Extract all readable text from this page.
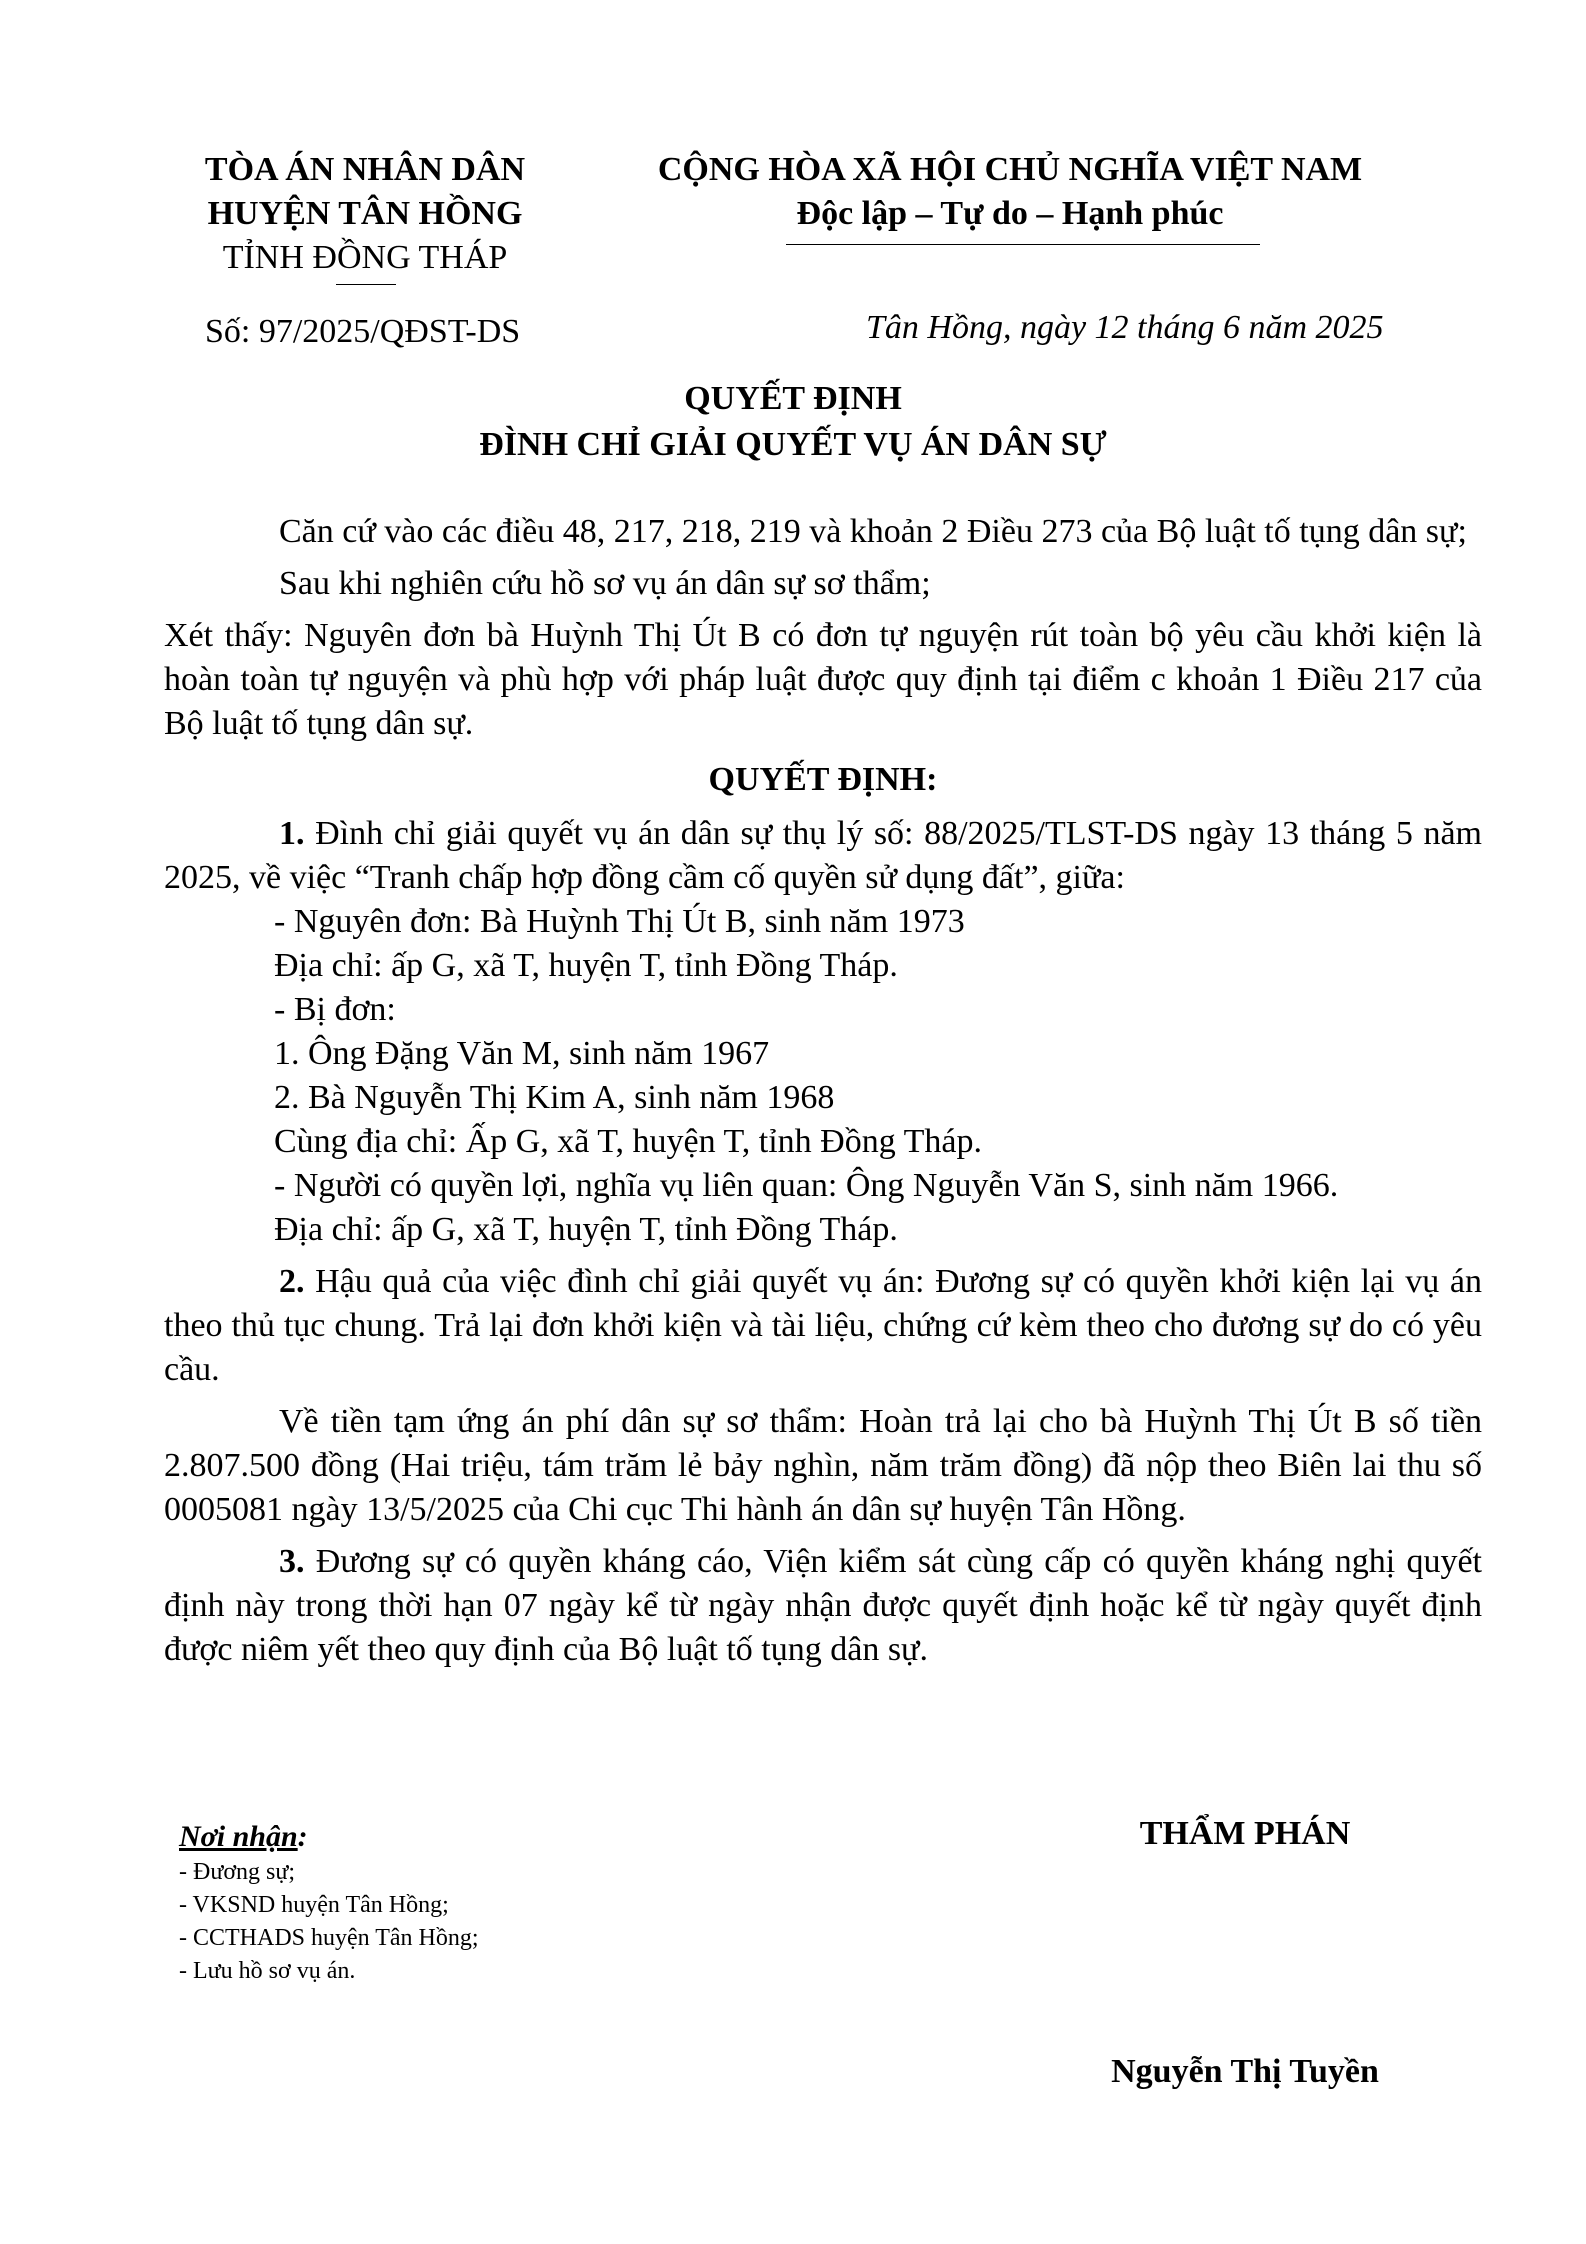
TÒA ÁN NHÂN DÂN
HUYỆN TÂN HỒNG
TỈNH ĐỒNG THÁP
CỘNG HÒA XÃ HỘI CHỦ NGHĨA VIỆT NAM
Độc lập – Tự do – Hạnh phúc
Số: 97/2025/QĐST-DS	Tân Hồng, ngày 12 tháng 6 năm 2025
QUYẾT ĐỊNH
ĐÌNH CHỈ GIẢI QUYẾT VỤ ÁN DÂN SỰ

Căn cứ vào các điều 48, 217, 218, 219 và khoản 2 Điều 273 của Bộ luật tố tụng dân sự;

Sau khi nghiên cứu hồ sơ vụ án dân sự sơ thẩm;

Xét thấy: Nguyên đơn bà Huỳnh Thị Út B có đơn tự nguyện rút toàn bộ yêu cầu khởi kiện là hoàn toàn tự nguyện và phù hợp với pháp luật được quy định tại điểm c khoản 1 Điều 217 của Bộ luật tố tụng dân sự.

QUYẾT ĐỊNH:

1. Đình chỉ giải quyết vụ án dân sự thụ lý số: 88/2025/TLST-DS ngày 13 tháng 5 năm 2025, về việc “Tranh chấp hợp đồng cầm cố quyền sử dụng đất”, giữa:

- Nguyên đơn: Bà Huỳnh Thị Út B, sinh năm 1973

Địa chỉ: ấp G, xã T, huyện T, tỉnh Đồng Tháp.

- Bị đơn:

1. Ông Đặng Văn M, sinh năm 1967

2. Bà Nguyễn Thị Kim A, sinh năm 1968

Cùng địa chỉ: Ấp G, xã T, huyện T, tỉnh Đồng Tháp.

- Người có quyền lợi, nghĩa vụ liên quan: Ông Nguyễn Văn S, sinh năm 1966.

Địa chỉ: ấp G, xã T, huyện T, tỉnh Đồng Tháp.

2. Hậu quả của việc đình chỉ giải quyết vụ án: Đương sự có quyền khởi kiện lại vụ án theo thủ tục chung. Trả lại đơn khởi kiện và tài liệu, chứng cứ kèm theo cho đương sự do có yêu cầu.

Về tiền tạm ứng án phí dân sự sơ thẩm: Hoàn trả lại cho bà Huỳnh Thị Út B số tiền 2.807.500 đồng (Hai triệu, tám trăm lẻ bảy nghìn, năm trăm đồng) đã nộp theo Biên lai thu số 0005081 ngày 13/5/2025 của Chi cục Thi hành án dân sự huyện Tân Hồng.

3. Đương sự có quyền kháng cáo, Viện kiểm sát cùng cấp có quyền kháng nghị quyết định này trong thời hạn 07 ngày kể từ ngày nhận được quyết định hoặc kể từ ngày quyết định được niêm yết theo quy định của Bộ luật tố tụng dân sự.

Nơi nhận:
- Đương sự;
- VKSND huyện Tân Hồng;
- CCTHADS huyện Tân Hồng;
- Lưu hồ sơ vụ án.
THẨM PHÁN
Nguyễn Thị Tuyền
